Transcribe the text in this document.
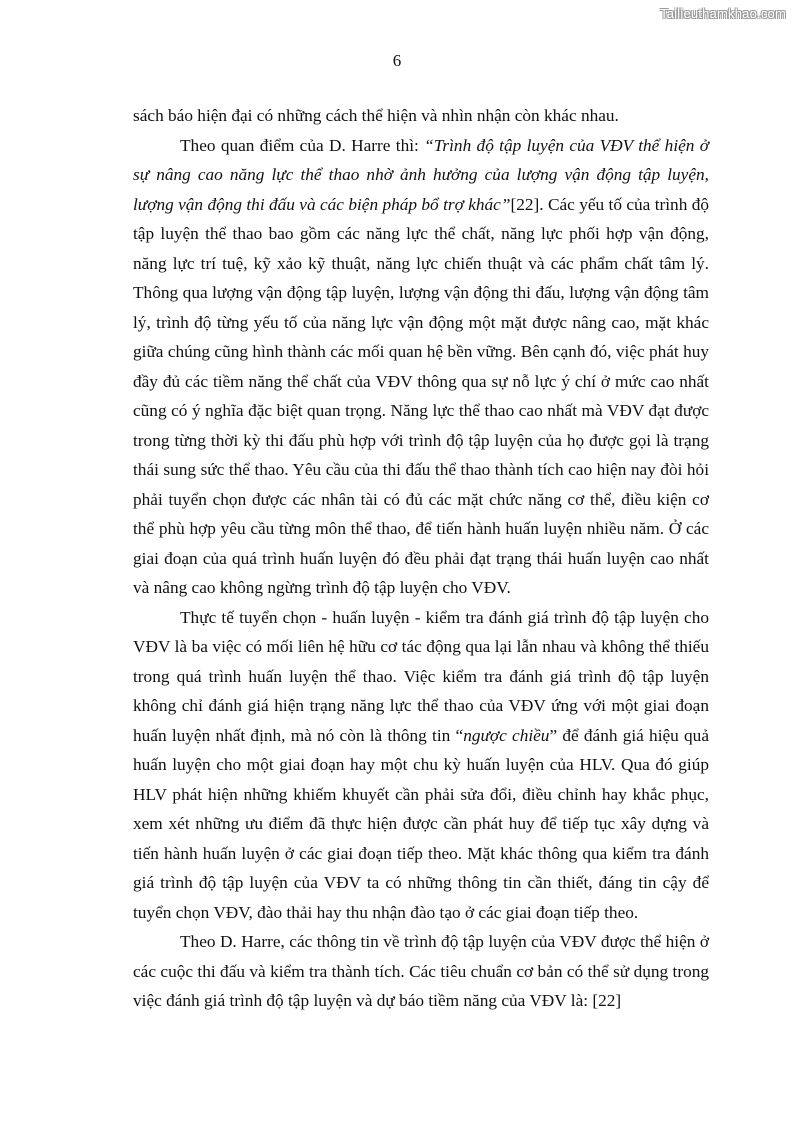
Tailieuthamkhao.com
6

sách báo hiện đại có những cách thể hiện và nhìn nhận còn khác nhau.

Theo quan điểm của D. Harre thì: “Trình độ tập luyện của VĐV thể hiện ở sự nâng cao năng lực thể thao nhờ ảnh hưởng của lượng vận động tập luyện, lượng vận động thi đấu và các biện pháp bổ trợ khác”[22]. Các yếu tố của trình độ tập luyện thể thao bao gồm các năng lực thể chất, năng lực phối hợp vận động, năng lực trí tuệ, kỹ xảo kỹ thuật, năng lực chiến thuật và các phẩm chất tâm lý. Thông qua lượng vận động tập luyện, lượng vận động thi đấu, lượng vận động tâm lý, trình độ từng yếu tố của năng lực vận động một mặt được nâng cao, mặt khác giữa chúng cũng hình thành các mối quan hệ bền vững. Bên cạnh đó, việc phát huy đầy đủ các tiềm năng thể chất của VĐV thông qua sự nỗ lực ý chí ở mức cao nhất cũng có ý nghĩa đặc biệt quan trọng. Năng lực thể thao cao nhất mà VĐV đạt được trong từng thời kỳ thi đấu phù hợp với trình độ tập luyện của họ được gọi là trạng thái sung sức thể thao. Yêu cầu của thi đấu thể thao thành tích cao hiện nay đòi hỏi phải tuyển chọn được các nhân tài có đủ các mặt chức năng cơ thể, điều kiện cơ thể phù hợp yêu cầu từng môn thể thao, để tiến hành huấn luyện nhiều năm. Ở các giai đoạn của quá trình huấn luyện đó đều phải đạt trạng thái huấn luyện cao nhất và nâng cao không ngừng trình độ tập luyện cho VĐV.

Thực tế tuyển chọn - huấn luyện - kiểm tra đánh giá trình độ tập luyện cho VĐV là ba việc có mối liên hệ hữu cơ tác động qua lại lẫn nhau và không thể thiếu trong quá trình huấn luyện thể thao. Việc kiểm tra đánh giá trình độ tập luyện không chỉ đánh giá hiện trạng năng lực thể thao của VĐV ứng với một giai đoạn huấn luyện nhất định, mà nó còn là thông tin “ngược chiều” để đánh giá hiệu quả huấn luyện cho một giai đoạn hay một chu kỳ huấn luyện của HLV. Qua đó giúp HLV phát hiện những khiếm khuyết cần phải sửa đổi, điều chỉnh hay khắc phục, xem xét những ưu điểm đã thực hiện được cần phát huy để tiếp tục xây dựng và tiến hành huấn luyện ở các giai đoạn tiếp theo. Mặt khác thông qua kiểm tra đánh giá trình độ tập luyện của VĐV ta có những thông tin cần thiết, đáng tin cậy để tuyển chọn VĐV, đào thải hay thu nhận đào tạo ở các giai đoạn tiếp theo.

Theo D. Harre, các thông tin về trình độ tập luyện của VĐV được thể hiện ở các cuộc thi đấu và kiểm tra thành tích. Các tiêu chuẩn cơ bản có thể sử dụng trong việc đánh giá trình độ tập luyện và dự báo tiềm năng của VĐV là: [22]
